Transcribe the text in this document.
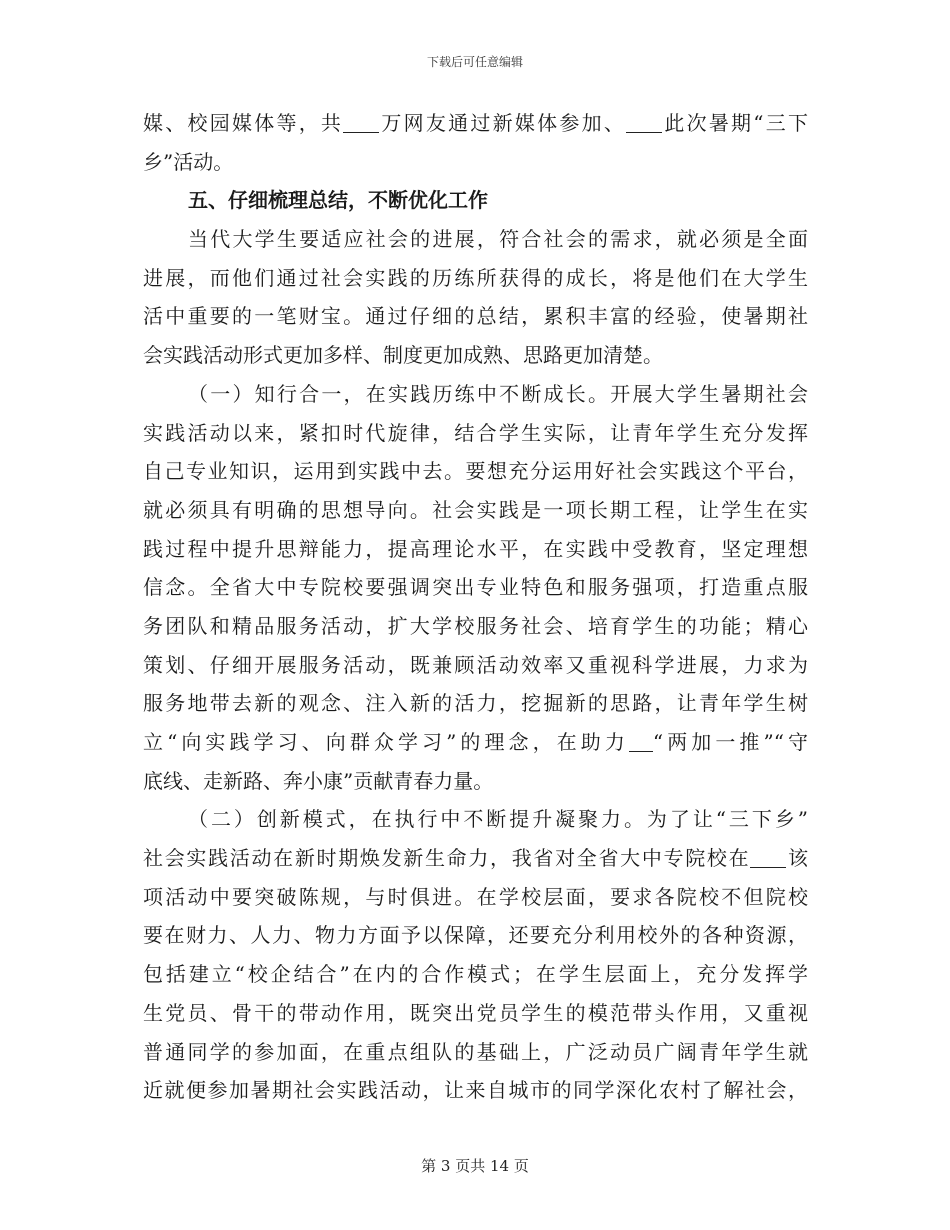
下载后可任意编辑
媒、校园媒体等，共 万网友通过新媒体参加、 此次暑期“三下
乡”活动。
五、仔细梳理总结，不断优化工作
当代大学生要适应社会的进展，符合社会的需求，就必须是全面
进展，而他们通过社会实践的历练所获得的成长，将是他们在大学生
活中重要的一笔财宝。通过仔细的总结，累积丰富的经验，使暑期社
会实践活动形式更加多样、制度更加成熟、思路更加清楚。
（一）知行合一，在实践历练中不断成长。开展大学生暑期社会
实践活动以来，紧扣时代旋律，结合学生实际，让青年学生充分发挥
自己专业知识，运用到实践中去。要想充分运用好社会实践这个平台，
就必须具有明确的思想导向。社会实践是一项长期工程，让学生在实
践过程中提升思辩能力，提高理论水平，在实践中受教育，坚定理想
信念。全省大中专院校要强调突出专业特色和服务强项，打造重点服
务团队和精品服务活动，扩大学校服务社会、培育学生的功能；精心
策划、仔细开展服务活动，既兼顾活动效率又重视科学进展，力求为
服务地带去新的观念、注入新的活力，挖掘新的思路，让青年学生树
立“向实践学习、向群众学习”的理念，在助力 “两加一推”“守
底线、走新路、奔小康”贡献青春力量。
（二）创新模式，在执行中不断提升凝聚力。为了让“三下乡”
社会实践活动在新时期焕发新生命力，我省对全省大中专院校在 该
项活动中要突破陈规，与时俱进。在学校层面，要求各院校不但院校
要在财力、人力、物力方面予以保障，还要充分利用校外的各种资源，
包括建立“校企结合”在内的合作模式；在学生层面上，充分发挥学
生党员、骨干的带动作用，既突出党员学生的模范带头作用，又重视
普通同学的参加面，在重点组队的基础上，广泛动员广阔青年学生就
近就便参加暑期社会实践活动，让来自城市的同学深化农村了解社会，
第 3 页共 14 页
